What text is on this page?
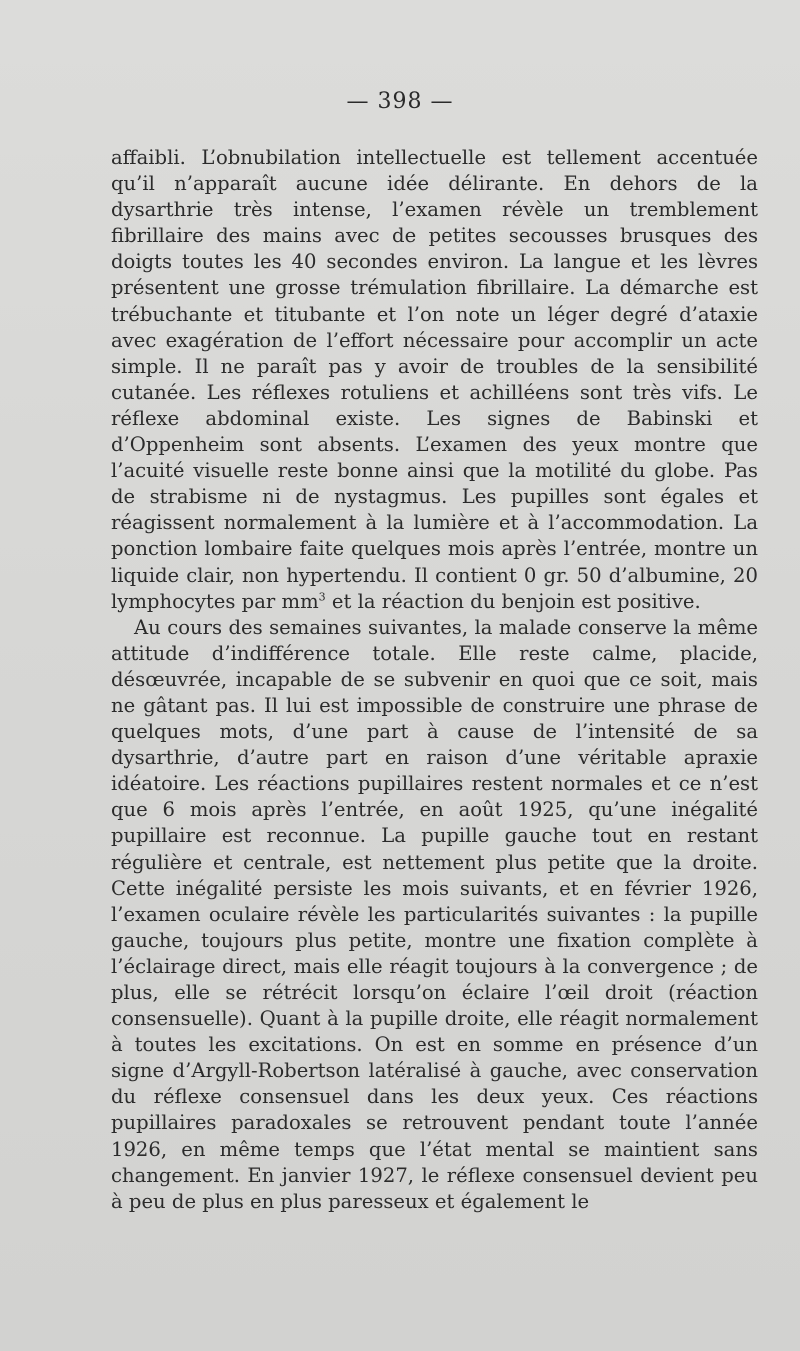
— 398 —

affaibli. L’obnubilation intellectuelle est tellement accentuée qu’il n’apparaît aucune idée délirante. En dehors de la dysarthrie très intense, l’examen révèle un tremblement fibrillaire des mains avec de petites secousses brusques des doigts toutes les 40 secondes environ. La langue et les lèvres présentent une grosse trémulation fibrillaire. La démarche est trébuchante et titubante et l’on note un léger degré d’ataxie avec exagération de l’effort nécessaire pour accomplir un acte simple. Il ne paraît pas y avoir de troubles de la sensibilité cutanée. Les réflexes rotuliens et achilléens sont très vifs. Le réflexe abdominal existe. Les signes de Babinski et d’Oppenheim sont absents. L’examen des yeux montre que l’acuité visuelle reste bonne ainsi que la motilité du globe. Pas de strabisme ni de nystagmus. Les pupilles sont égales et réagissent normalement à la lumière et à l’accommodation. La ponction lombaire faite quelques mois après l’entrée, montre un liquide clair, non hypertendu. Il contient 0 gr. 50 d’albumine, 20 lymphocytes par $mm^3$ et la réaction du benjoin est positive.

Au cours des semaines suivantes, la malade conserve la même attitude d’indifférence totale. Elle reste calme, placide, désœuvrée, incapable de se subvenir en quoi que ce soit, mais ne gâtant pas. Il lui est impossible de construire une phrase de quelques mots, d’une part à cause de l’intensité de sa dysarthrie, d’autre part en raison d’une véritable apraxie idéatoire. Les réactions pupillaires restent normales et ce n’est que 6 mois après l’entrée, en août 1925, qu’une inégalité pupillaire est reconnue. La pupille gauche tout en restant régulière et centrale, est nettement plus petite que la droite. Cette inégalité persiste les mois suivants, et en février 1926, l’examen oculaire révèle les particularités suivantes : la pupille gauche, toujours plus petite, montre une fixation complète à l’éclairage direct, mais elle réagit toujours à la convergence ; de plus, elle se rétrécit lorsqu’on éclaire l’œil droit (réaction consensuelle). Quant à la pupille droite, elle réagit normalement à toutes les excitations. On est en somme en présence d’un signe d’Argyll-Robertson latéralisé à gauche, avec conservation du réflexe consensuel dans les deux yeux. Ces réactions pupillaires paradoxales se retrouvent pendant toute l’année 1926, en même temps que l’état mental se maintient sans changement. En janvier 1927, le réflexe consensuel devient peu à peu de plus en plus paresseux et également le
